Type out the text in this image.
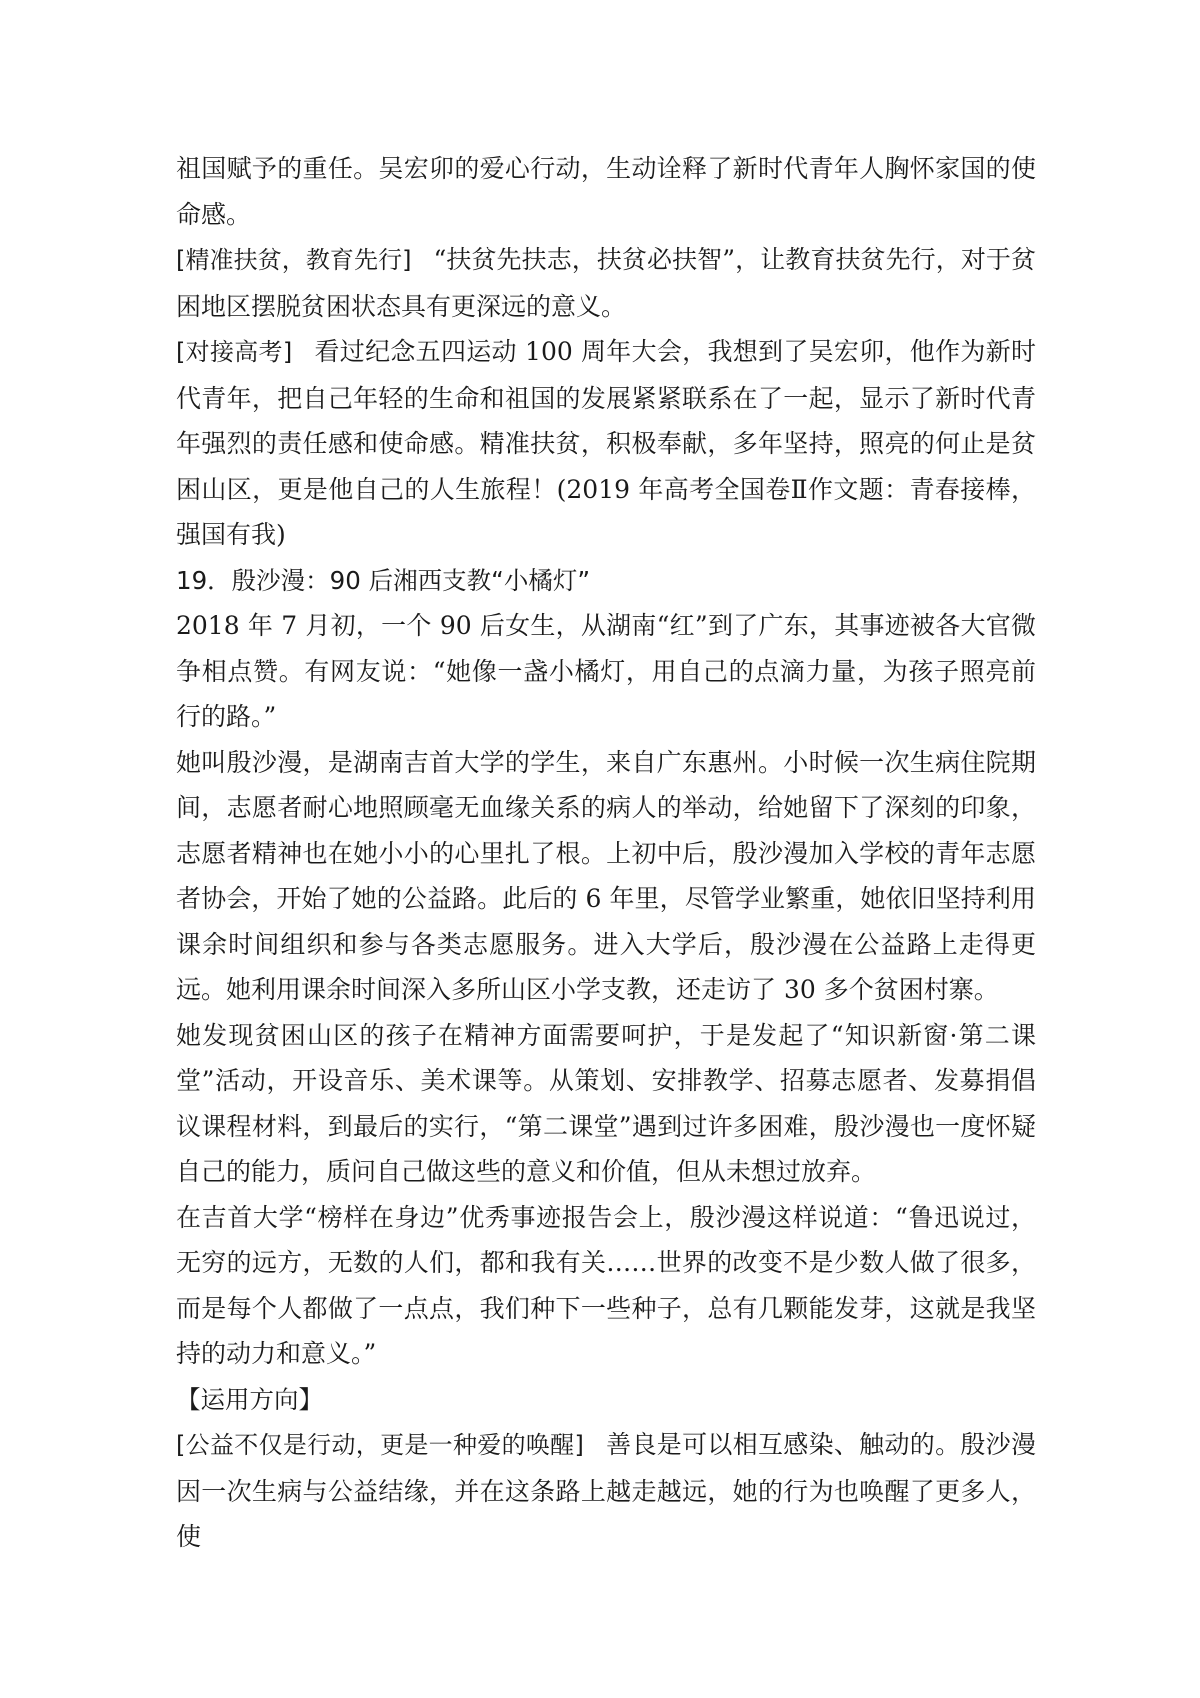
祖国赋予的重任。吴宏卯的爱心行动，生动诠释了新时代青年人胸怀家国的使命感。

[精准扶贫，教育先行] “扶贫先扶志，扶贫必扶智”，让教育扶贫先行，对于贫困地区摆脱贫困状态具有更深远的意义。

[对接高考] 看过纪念五四运动 100 周年大会，我想到了吴宏卯，他作为新时代青年，把自己年轻的生命和祖国的发展紧紧联系在了一起，显示了新时代青年强烈的责任感和使命感。精准扶贫，积极奉献，多年坚持，照亮的何止是贫困山区，更是他自己的人生旅程！(2019 年高考全国卷Ⅱ作文题：青春接棒，强国有我)

19．殷沙漫：90 后湘西支教“小橘灯”

2018 年 7 月初，一个 90 后女生，从湖南“红”到了广东，其事迹被各大官微争相点赞。有网友说：“她像一盏小橘灯，用自己的点滴力量，为孩子照亮前行的路。”

她叫殷沙漫，是湖南吉首大学的学生，来自广东惠州。小时候一次生病住院期间，志愿者耐心地照顾毫无血缘关系的病人的举动，给她留下了深刻的印象，志愿者精神也在她小小的心里扎了根。上初中后，殷沙漫加入学校的青年志愿者协会，开始了她的公益路。此后的 6 年里，尽管学业繁重，她依旧坚持利用课余时间组织和参与各类志愿服务。进入大学后，殷沙漫在公益路上走得更远。她利用课余时间深入多所山区小学支教，还走访了 30 多个贫困村寨。

她发现贫困山区的孩子在精神方面需要呵护，于是发起了“知识新窗·第二课堂”活动，开设音乐、美术课等。从策划、安排教学、招募志愿者、发募捐倡议课程材料，到最后的实行，“第二课堂”遇到过许多困难，殷沙漫也一度怀疑自己的能力，质问自己做这些的意义和价值，但从未想过放弃。

在吉首大学“榜样在身边”优秀事迹报告会上，殷沙漫这样说道：“鲁迅说过，无穷的远方，无数的人们，都和我有关……世界的改变不是少数人做了很多，而是每个人都做了一点点，我们种下一些种子，总有几颗能发芽，这就是我坚持的动力和意义。”

【运用方向】

[公益不仅是行动，更是一种爱的唤醒] 善良是可以相互感染、触动的。殷沙漫因一次生病与公益结缘，并在这条路上越走越远，她的行为也唤醒了更多人，使
